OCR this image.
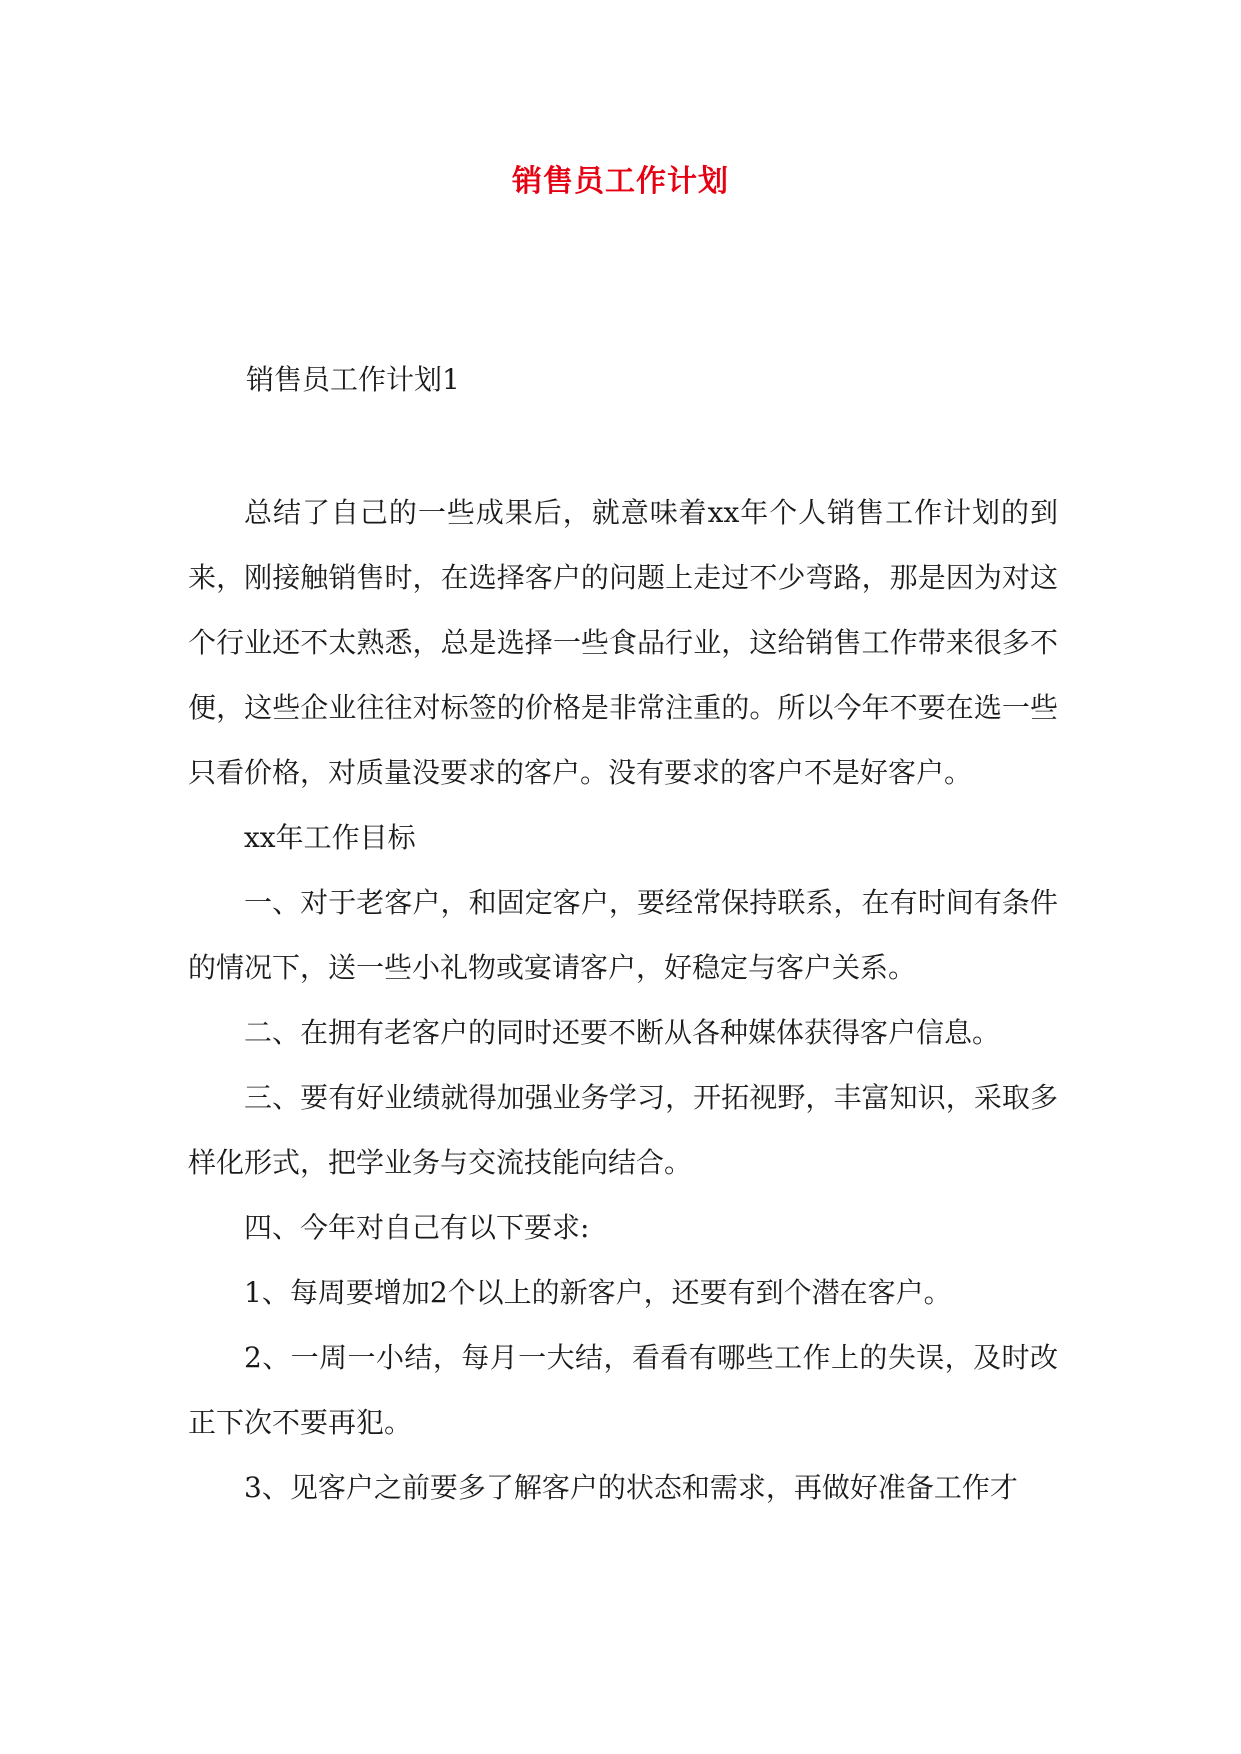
销售员工作计划
销售员工作计划1

总结了自己的一些成果后，就意味着xx年个人销售工作计划的到来，刚接触销售时，在选择客户的问题上走过不少弯路，那是因为对这个行业还不太熟悉，总是选择一些食品行业，这给销售工作带来很多不便，这些企业往往对标签的价格是非常注重的。所以今年不要在选一些只看价格，对质量没要求的客户。没有要求的客户不是好客户。

xx年工作目标

一、对于老客户，和固定客户，要经常保持联系，在有时间有条件的情况下，送一些小礼物或宴请客户，好稳定与客户关系。

二、在拥有老客户的同时还要不断从各种媒体获得客户信息。

三、要有好业绩就得加强业务学习，开拓视野，丰富知识，采取多样化形式，把学业务与交流技能向结合。

四、今年对自己有以下要求:

1、每周要增加2个以上的新客户，还要有到个潜在客户。

2、一周一小结，每月一大结，看看有哪些工作上的失误，及时改正下次不要再犯。

3、见客户之前要多了解客户的状态和需求，再做好准备工作才
